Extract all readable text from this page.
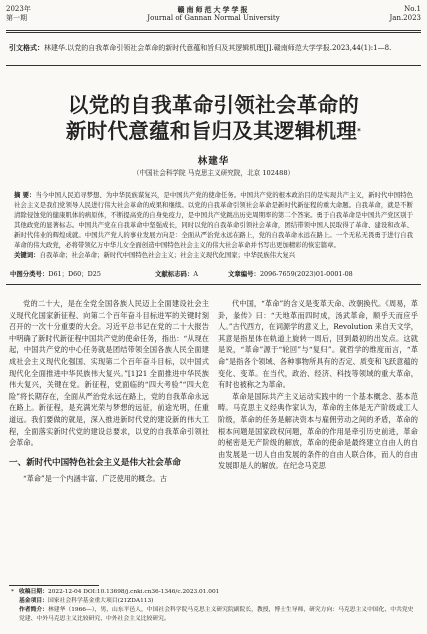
2023年
第一期
赣南师范大学学报
Journal of Gannan Normal University
No.1
Jan.2023
引文格式：林建华.以党的自我革命引领社会革命的新时代意蕴和旨归及其逻辑机理[J].赣南师范大学学报.2023,44(1):1—8.
以党的自我革命引领社会革命的
新时代意蕴和旨归及其逻辑机理*
林建华
（中国社会科学院 马克思主义研究院，北京 102488）
摘 要：当今中国人民追寻梦想、为中华民族谋复兴，是中国共产党的使命任务。中国共产党的根本政治目的是实现共产主义，新时代中国特色社会主义是我们党领导人民进行伟大社会革命的成果和继续。以党的自我革命引领社会革命是新时代新征程的重大命题。自我革命，就是不断清除侵蚀党的健康肌体的病原体，不断提高党的自身免疫力，是中国共产党跳出历史周期率的第二个答案。勇于自我革命是中国共产党区别于其他政党的显著标志。中国共产党在自我革命中坚强成长，同时以党的自我革命引领社会革命，团结带领中国人民取得了革命、建设和改革、新时代伟业的辉煌成就。中国共产党人的事业发展方向是：全面从严治党永远在路上，党的自我革命永远在路上。一个无私无畏勇于进行自我革命的伟大政党，必将带领亿万中华儿女全面创造中国特色社会主义的伟大社会革命并书写出更加精彩的恢宏篇章。
关键词：自我革命；社会革命；新时代中国特色社会主义；社会主义现代化国家；中华民族伟大复兴
中图分类号：D61；D60；D25	文献标志码：A	文章编号：2096-7659(2023)01-0001-08

党的二十大，是在全党全国各族人民迈上全面建设社会主义现代化国家新征程、向第二个百年奋斗目标进军的关键时刻召开的一次十分重要的大会。习近平总书记在党的二十大报告中明确了新时代新征程中国共产党的使命任务，指出：“从现在起，中国共产党的中心任务就是团结带领全国各族人民全面建成社会主义现代化强国、实现第二个百年奋斗目标，以中国式现代化全面推进中华民族伟大复兴。”[1]21 全面推进中华民族伟大复兴，关键在党。新征程，党面临的“四大考验”“四大危险”将长期存在，全面从严治党永远在路上，党的自我革命永远在路上。新征程，是充满光荣与梦想的远征，前途光明，任重道远。我们要做的就是，深入推进新时代党的建设新的伟大工程，全面落实新时代党的建设总要求，以党的自我革命引领社会革命。

一、新时代中国特色社会主义是伟大社会革命

“革命”是一个内涵丰富、广泛使用的概念。古

代中国，“革命”的含义是变革天命、改朝换代。《周易，革卦，彖传》曰：“天地革而四时成，汤武革命，顺乎天而应乎人。”古代西方，在词源学的意义上，Revolution 来自天文学，其意是指星体在轨道上旋转一周后，回到最初的出发点。这就是说，“革命”源于“轮回”与“复归”。就哲学的维度而言，“革命”是指各个领域、各种事物所具有的否定、质变和飞跃意蕴的变化、变革。在当代，政治、经济、科技等领域的重大革命，有时也被称之为革命。

革命是国际共产主义运动实践中的一个基本概念、基本范畴。马克思主义经典作家认为，革命的主体是无产阶级或工人阶级，革命的任务是解决资本与雇佣劳动之间的矛盾，革命的根本问题是国家政权问题，革命的作用是牵引历史前进，革命的秘密是无产阶级的解放，革命的使命是最终建立自由人的自由发展是一切人自由发展的条件的自由人联合体，而人的自由发展即是人的解放。在纪念马克思

* 收稿日期：2022-12-04 DOI:10.13698/j.cnki.cn36-1346/c.2023.01.001
基金项目：国家社会科学基金重大项目(21ZDA113)
作者简介：林建华（1966—），男，山东平邑人，中国社会科学院马克思主义研究院副院长，教授，博士生导师，研究方向：马克思主义中国化、中共党史党建、中外马克思主义比较研究、中外社会主义比较研究。
